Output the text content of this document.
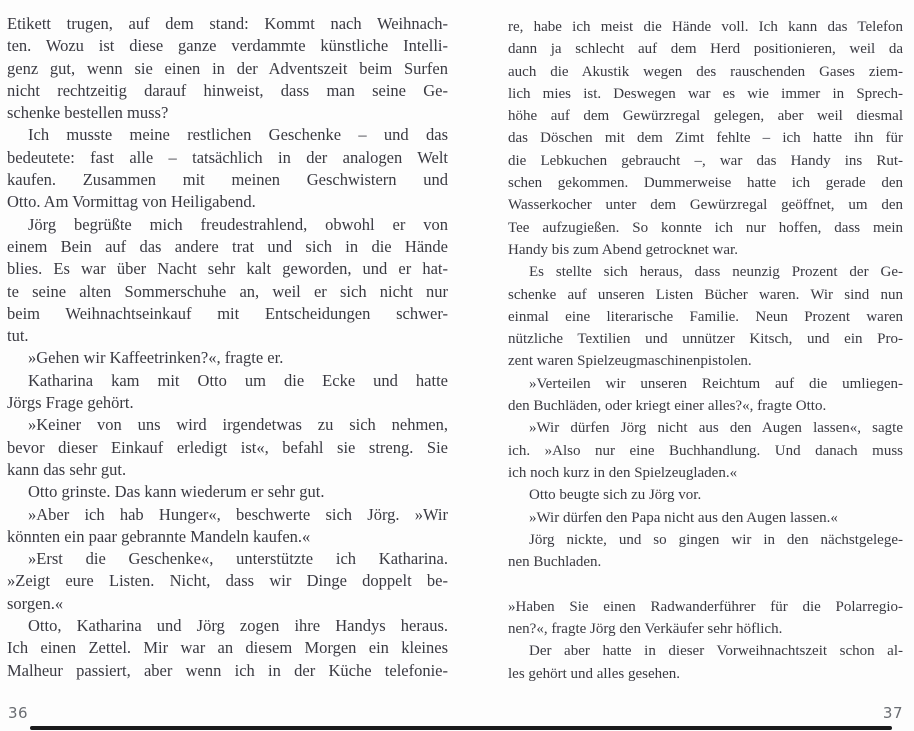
Etikett trugen, auf dem stand: Kommt nach Weihnach-
ten. Wozu ist diese ganze verdammte künstliche Intelli-
genz gut, wenn sie einen in der Adventszeit beim Surfen
nicht rechtzeitig darauf hinweist, dass man seine Ge-
schenke bestellen muss?
Ich musste meine restlichen Geschenke – und das
bedeutete: fast alle – tatsächlich in der analogen Welt
kaufen. Zusammen mit meinen Geschwistern und
Otto. Am Vormittag von Heiligabend.
Jörg begrüßte mich freudestrahlend, obwohl er von
einem Bein auf das andere trat und sich in die Hände
blies. Es war über Nacht sehr kalt geworden, und er hat-
te seine alten Sommerschuhe an, weil er sich nicht nur
beim Weihnachtseinkauf mit Entscheidungen schwer-
tut.
»Gehen wir Kaffeetrinken?«, fragte er.
Katharina kam mit Otto um die Ecke und hatte
Jörgs Frage gehört.
»Keiner von uns wird irgendetwas zu sich nehmen,
bevor dieser Einkauf erledigt ist«, befahl sie streng. Sie
kann das sehr gut.
Otto grinste. Das kann wiederum er sehr gut.
»Aber ich hab Hunger«, beschwerte sich Jörg. »Wir
könnten ein paar gebrannte Mandeln kaufen.«
»Erst die Geschenke«, unterstützte ich Katharina.
»Zeigt eure Listen. Nicht, dass wir Dinge doppelt be-
sorgen.«
Otto, Katharina und Jörg zogen ihre Handys heraus.
Ich einen Zettel. Mir war an diesem Morgen ein kleines
Malheur passiert, aber wenn ich in der Küche telefonie-
re, habe ich meist die Hände voll. Ich kann das Telefon
dann ja schlecht auf dem Herd positionieren, weil da
auch die Akustik wegen des rauschenden Gases ziem-
lich mies ist. Deswegen war es wie immer in Sprech-
höhe auf dem Gewürzregal gelegen, aber weil diesmal
das Döschen mit dem Zimt fehlte – ich hatte ihn für
die Lebkuchen gebraucht –, war das Handy ins Rut-
schen gekommen. Dummerweise hatte ich gerade den
Wasserkocher unter dem Gewürzregal geöffnet, um den
Tee aufzugießen. So konnte ich nur hoffen, dass mein
Handy bis zum Abend getrocknet war.
Es stellte sich heraus, dass neunzig Prozent der Ge-
schenke auf unseren Listen Bücher waren. Wir sind nun
einmal eine literarische Familie. Neun Prozent waren
nützliche Textilien und unnützer Kitsch, und ein Pro-
zent waren Spielzeugmaschinenpistolen.
»Verteilen wir unseren Reichtum auf die umliegen-
den Buchläden, oder kriegt einer alles?«, fragte Otto.
»Wir dürfen Jörg nicht aus den Augen lassen«, sagte
ich. »Also nur eine Buchhandlung. Und danach muss
ich noch kurz in den Spielzeugladen.«
Otto beugte sich zu Jörg vor.
»Wir dürfen den Papa nicht aus den Augen lassen.«
Jörg nickte, und so gingen wir in den nächstgelege-
nen Buchladen.
»Haben Sie einen Radwanderführer für die Polarregio-
nen?«, fragte Jörg den Verkäufer sehr höflich.
Der aber hatte in dieser Vorweihnachtszeit schon al-
les gehört und alles gesehen.
36	37
